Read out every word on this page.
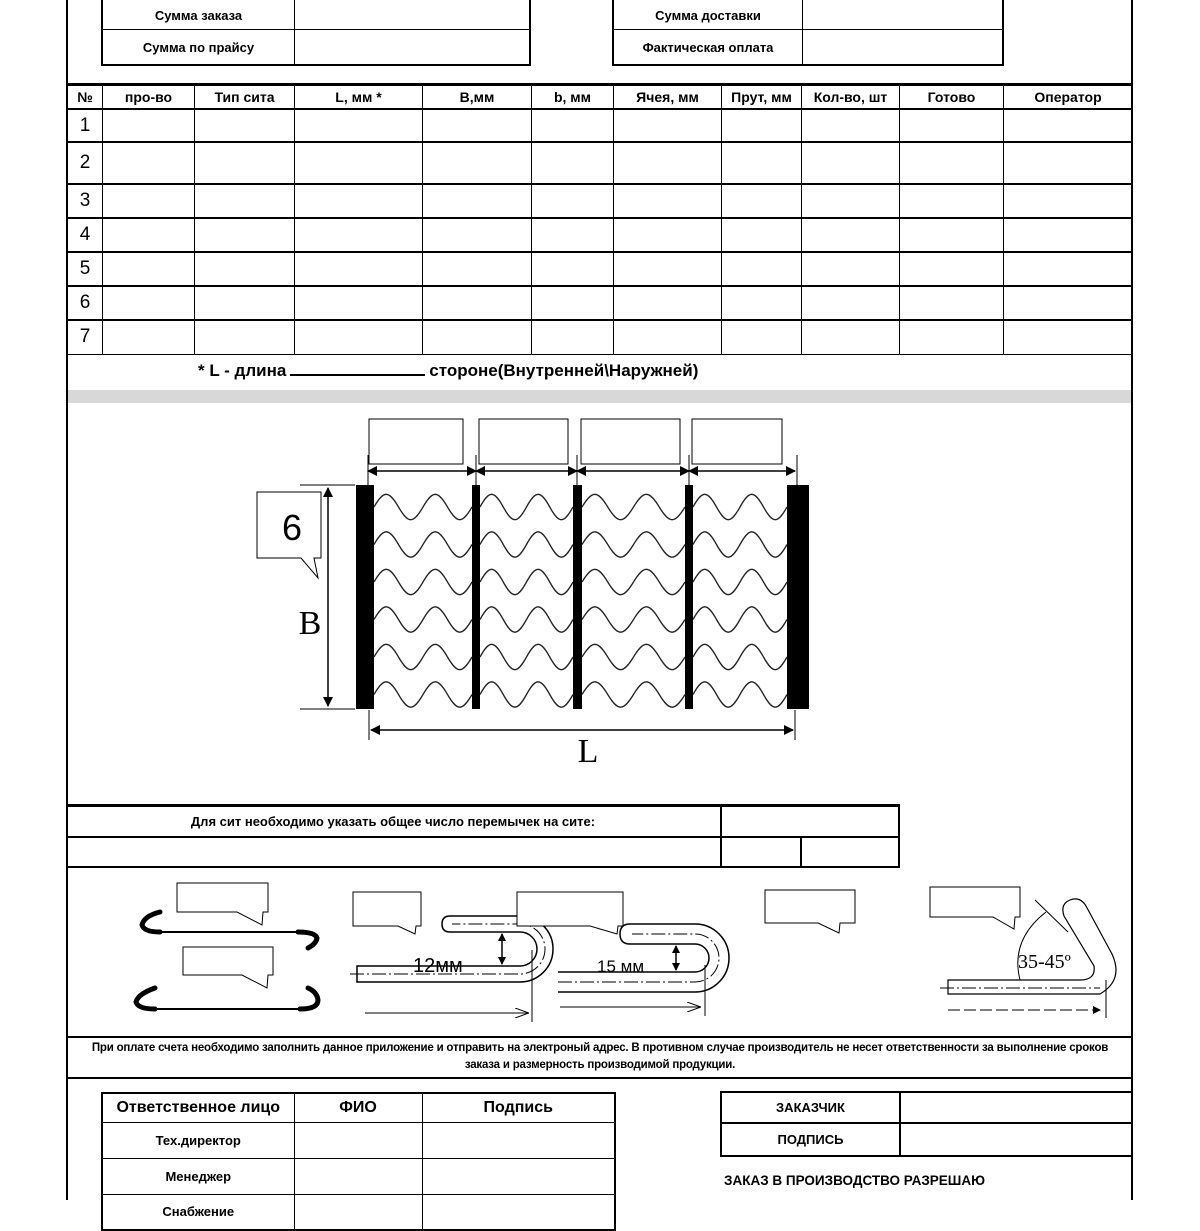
Сумма заказа
Сумма по прайсу
Сумма доставки
Фактическая оплата
№	про-во	Тип сита	L, мм *	B,мм	b, мм	Ячея, мм	Прут, мм	Кол-во, шт	Готово	Оператор
1										
2										
3										
4										
5										
6										
7										
* L - длина	стороне(Внутренней\Наружней)
B
6
L
Для сит необходимо указать общее число перемычек на сите:
12мм	15 мм	35-45º
При оплате счета необходимо заполнить данное приложение и отправить на электроный адрес. В противном случае производитель не несет ответственности за выполнение сроков заказа и размерность производимой продукции.
Ответственное лицо	ФИО	Подпись
Тех.директор		
Менеджер		
Снабжение		
ЗАКАЗЧИК
ПОДПИСЬ
ЗАКАЗ В ПРОИЗВОДСТВО РАЗРЕШАЮ
